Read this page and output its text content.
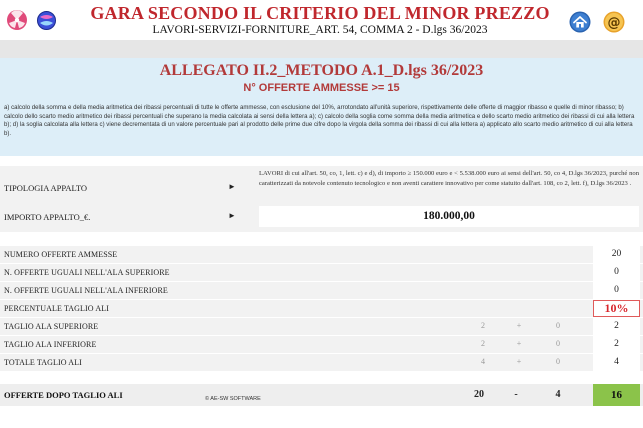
GARA SECONDO IL CRITERIO DEL MINOR PREZZO
LAVORI-SERVIZI-FORNITURE_ART. 54, COMMA 2 - D.lgs 36/2023	@
ALLEGATO II.2_METODO A.1_D.lgs 36/2023
N° OFFERTE AMMESSE >= 15
a) calcolo della somma e della media aritmetica dei ribassi percentuali di tutte le offerte ammesse, con esclusione del 10%, arrotondato all'unità superiore, rispettivamente delle offerte di maggior ribasso e quelle di minor ribasso; b) calcolo dello scarto medio aritmetico dei ribassi percentuali che superano la media calcolata ai sensi della lettera a); c) calcolo della soglia come somma della media aritmetica e dello scarto medio aritmetico dei ribassi di cui alla lettera b); d) la soglia calcolata alla lettera c) viene decrementata di un valore percentuale pari al prodotto delle prime due cifre dopo la virgola della somma dei ribassi di cui alla lettera a) applicato allo scarto medio aritmetico di cui alla lettera b).
TIPOLOGIA APPALTO	►
LAVORI di cui all'art. 50, co, 1, lett. c) e d), di importo ≥ 150.000 euro e < 5.538.000 euro ai sensi dell'art. 50, co 4, D.lgs 36/2023, purché non caratterizzati da notevole contenuto tecnologico e non aventi carattere innovativo per come statuito dall'art. 108, co 2, lett. f), D.lgs 36/2023 .
IMPORTO APPALTO_€.	►	180.000,00
NUMERO OFFERTE AMMESSE	20
N. OFFERTE UGUALI NELL'ALA SUPERIORE	0
N. OFFERTE UGUALI NELL'ALA INFERIORE	0
PERCENTUALE TAGLIO ALI	10%
TAGLIO ALA SUPERIORE	2	+	0	2
TAGLIO ALA INFERIORE	2	+	0	2
TOTALE TAGLIO ALI	4	+	0	4
OFFERTE DOPO TAGLIO ALI	© AE-SW SOFTWARE	20	-	4	16
